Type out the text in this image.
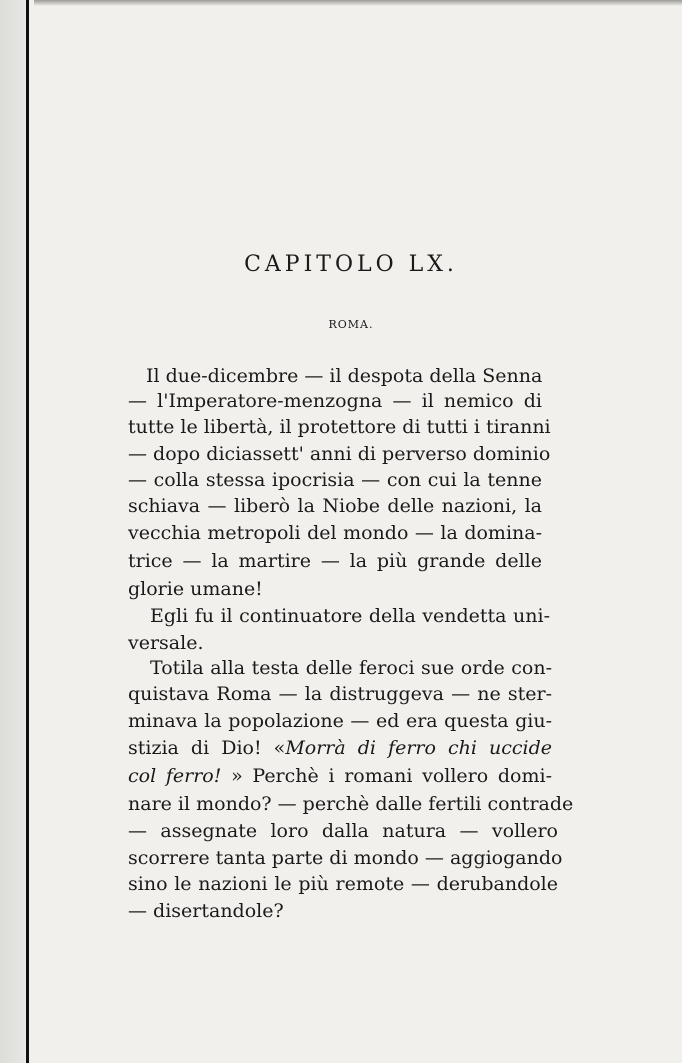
CAPITOLO LX.
ROMA.
Il due-dicembre — il despota della Senna
— l'Imperatore-menzogna — il nemico di
tutte le libertà, il protettore di tutti i tiranni
— dopo diciassett' anni di perverso dominio
— colla stessa ipocrisia — con cui la tenne
schiava — liberò la Niobe delle nazioni, la
vecchia metropoli del mondo — la domina-
trice — la martire — la più grande delle
glorie umane!
Egli fu il continuatore della vendetta uni-
versale.
Totila alla testa delle feroci sue orde con-
quistava Roma — la distruggeva — ne ster-
minava la popolazione — ed era questa giu-
stizia di Dio! «Morrà di ferro chi uccide
col ferro! » Perchè i romani vollero domi-
nare il mondo? — perchè dalle fertili contrade
— assegnate loro dalla natura — vollero
scorrere tanta parte di mondo — aggiogando
sino le nazioni le più remote — derubandole
— disertandole?
